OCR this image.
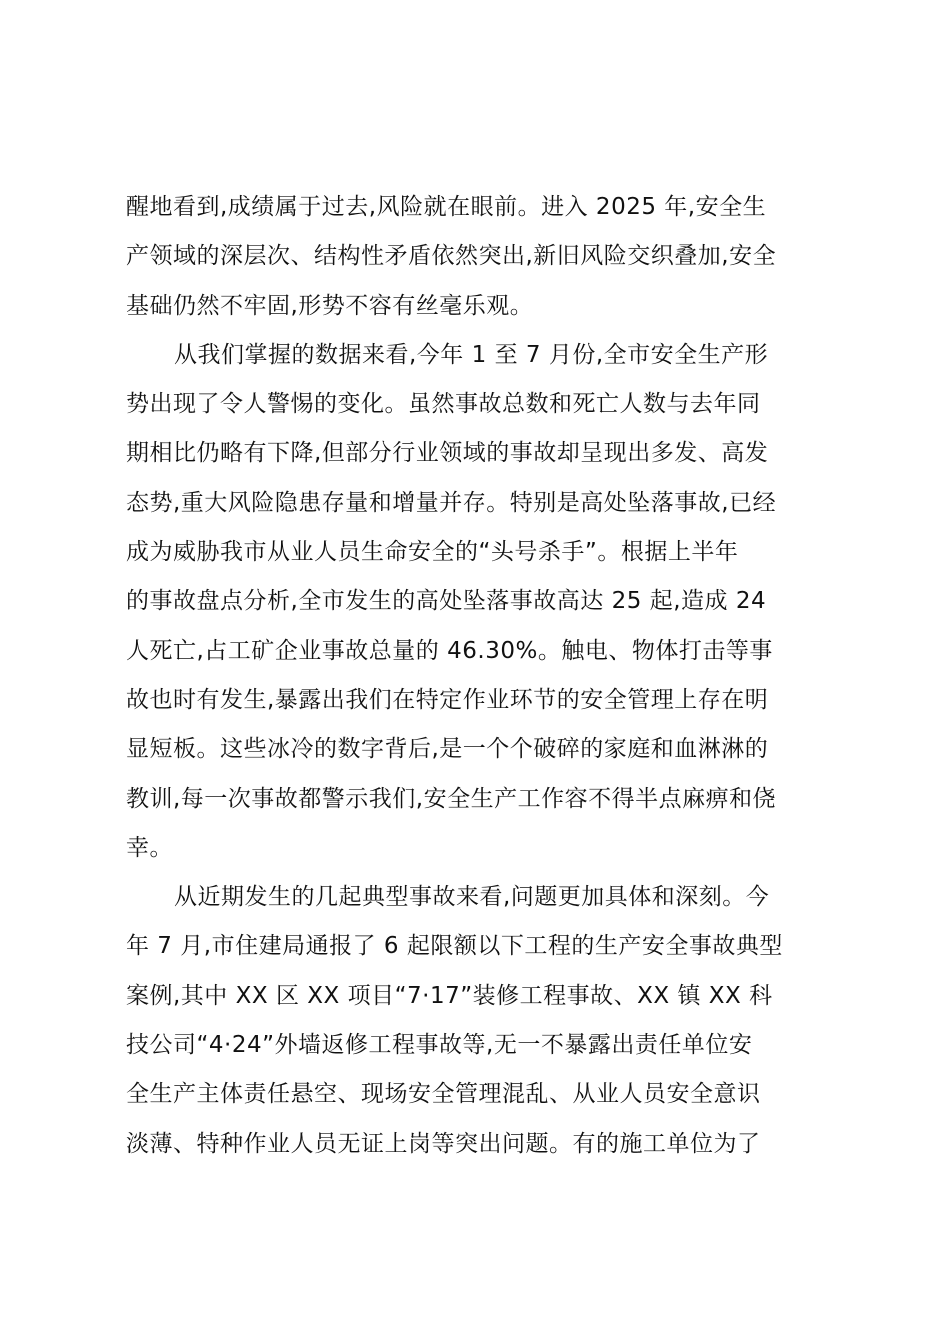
醒地看到,成绩属于过去,风险就在眼前。进入 2025 年,安全生
产领域的深层次、结构性矛盾依然突出,新旧风险交织叠加,安全
基础仍然不牢固,形势不容有丝毫乐观。
从我们掌握的数据来看,今年 1 至 7 月份,全市安全生产形
势出现了令人警惕的变化。虽然事故总数和死亡人数与去年同
期相比仍略有下降,但部分行业领域的事故却呈现出多发、高发
态势,重大风险隐患存量和增量并存。特别是高处坠落事故,已经
成为威胁我市从业人员生命安全的“头号杀手”。根据上半年
的事故盘点分析,全市发生的高处坠落事故高达 25 起,造成 24
人死亡,占工矿企业事故总量的 46.30%。触电、物体打击等事
故也时有发生,暴露出我们在特定作业环节的安全管理上存在明
显短板。这些冰冷的数字背后,是一个个破碎的家庭和血淋淋的
教训,每一次事故都警示我们,安全生产工作容不得半点麻痹和侥
幸。
从近期发生的几起典型事故来看,问题更加具体和深刻。今
年 7 月,市住建局通报了 6 起限额以下工程的生产安全事故典型
案例,其中 XX 区 XX 项目“7·17”装修工程事故、XX 镇 XX 科
技公司“4·24”外墙返修工程事故等,无一不暴露出责任单位安
全生产主体责任悬空、现场安全管理混乱、从业人员安全意识
淡薄、特种作业人员无证上岗等突出问题。有的施工单位为了
